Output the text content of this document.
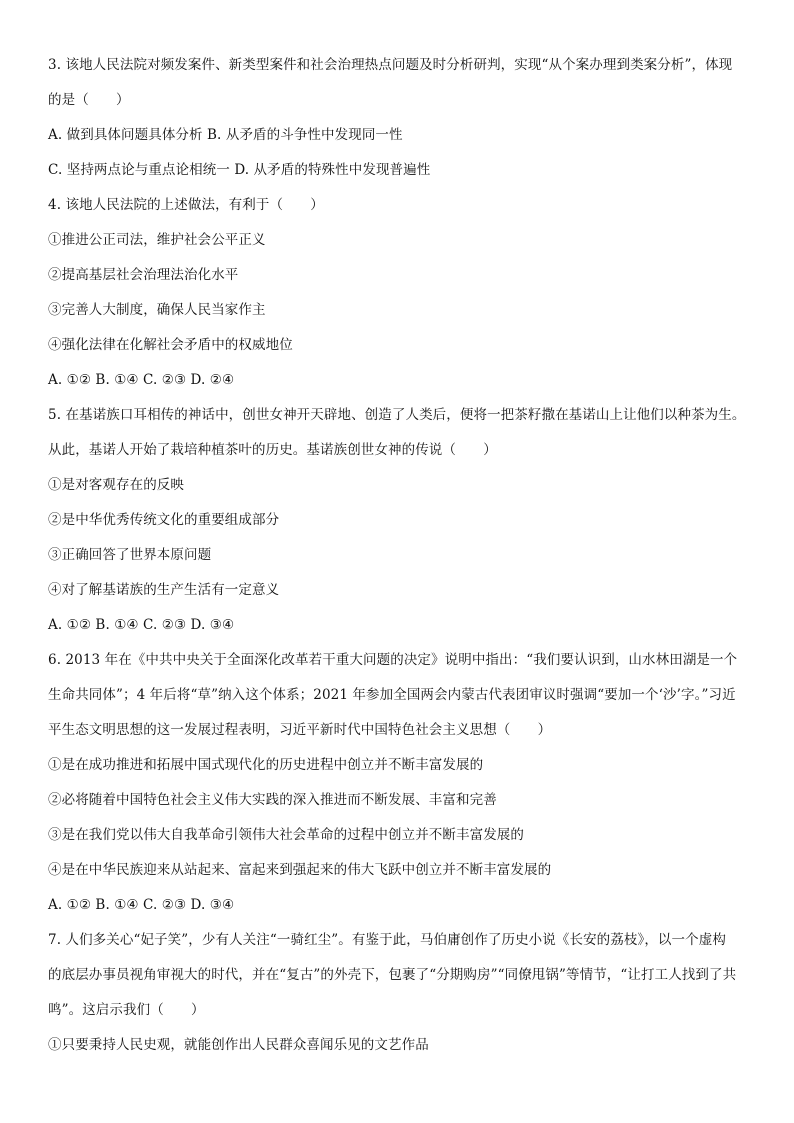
3. 该地人民法院对频发案件、新类型案件和社会治理热点问题及时分析研判，实现“从个案办理到类案分析”，体现
的是（　　）
A. 做到具体问题具体分析 B. 从矛盾的斗争性中发现同一性
C. 坚持两点论与重点论相统一 D. 从矛盾的特殊性中发现普遍性
4. 该地人民法院的上述做法，有利于（　　）
①推进公正司法，维护社会公平正义
②提高基层社会治理法治化水平
③完善人大制度，确保人民当家作主
④强化法律在化解社会矛盾中的权威地位
A. ①② B. ①④ C. ②③ D. ②④
5. 在基诺族口耳相传的神话中，创世女神开天辟地、创造了人类后，便将一把茶籽撒在基诺山上让他们以种茶为生。
从此，基诺人开始了栽培种植茶叶的历史。基诺族创世女神的传说（　　）
①是对客观存在的反映
②是中华优秀传统文化的重要组成部分
③正确回答了世界本原问题
④对了解基诺族的生产生活有一定意义
A. ①② B. ①④ C. ②③ D. ③④
6. 2013 年在《中共中央关于全面深化改革若干重大问题的决定》说明中指出：“我们要认识到，山水林田湖是一个
生命共同体”；4 年后将“草”纳入这个体系；2021 年参加全国两会内蒙古代表团审议时强调“要加一个‘沙’字。”习近
平生态文明思想的这一发展过程表明，习近平新时代中国特色社会主义思想（　　）
①是在成功推进和拓展中国式现代化的历史进程中创立并不断丰富发展的
②必将随着中国特色社会主义伟大实践的深入推进而不断发展、丰富和完善
③是在我们党以伟大自我革命引领伟大社会革命的过程中创立并不断丰富发展的
④是在中华民族迎来从站起来、富起来到强起来的伟大飞跃中创立并不断丰富发展的
A. ①② B. ①④ C. ②③ D. ③④
7. 人们多关心“妃子笑”，少有人关注“一骑红尘”。有鉴于此，马伯庸创作了历史小说《长安的荔枝》，以一个虚构
的底层办事员视角审视大的时代，并在“复古”的外壳下，包裹了“分期购房”“同僚甩锅”等情节，“让打工人找到了共
鸣”。这启示我们（　　）
①只要秉持人民史观，就能创作出人民群众喜闻乐见的文艺作品
